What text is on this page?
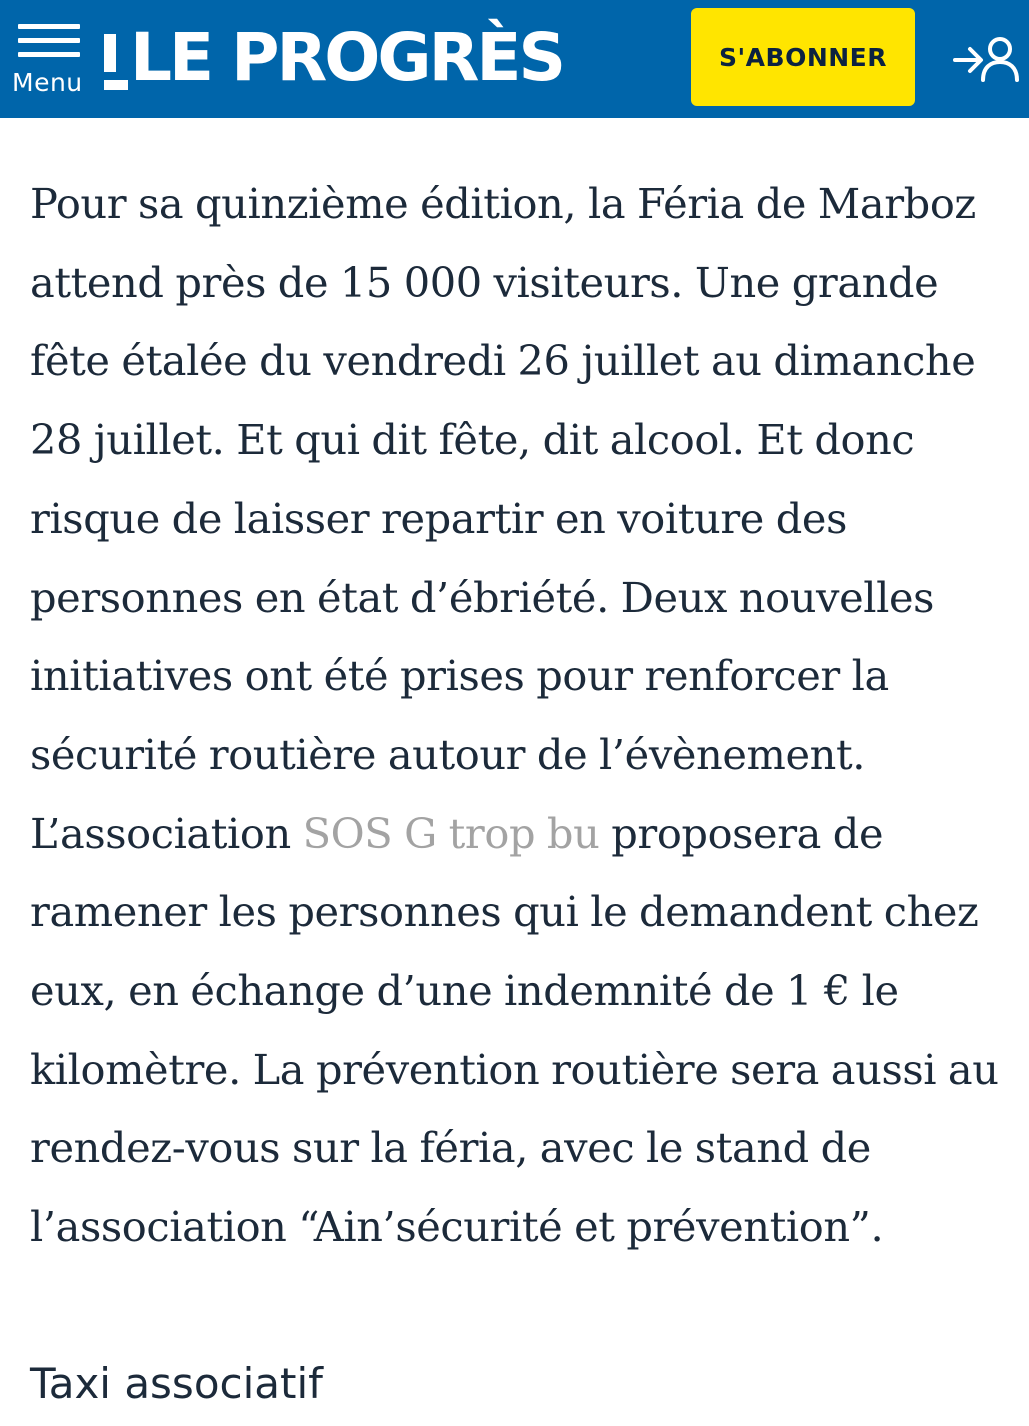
Menu LE PROGRÈS	S'ABONNER

Pour sa quinzième édition, la Féria de Marboz attend près de 15 000 visiteurs. Une grande fête étalée du vendredi 26 juillet au dimanche 28 juillet. Et qui dit fête, dit alcool. Et donc risque de laisser repartir en voiture des personnes en état d’ébriété. Deux nouvelles initiatives ont été prises pour renforcer la sécurité routière autour de l’évènement. L’association SOS G trop bu proposera de ramener les personnes qui le demandent chez eux, en échange d’une indemnité de 1 € le kilomètre. La prévention routière sera aussi au rendez-vous sur la féria, avec le stand de l’association “Ain’sécurité et prévention”.

Taxi associatif
